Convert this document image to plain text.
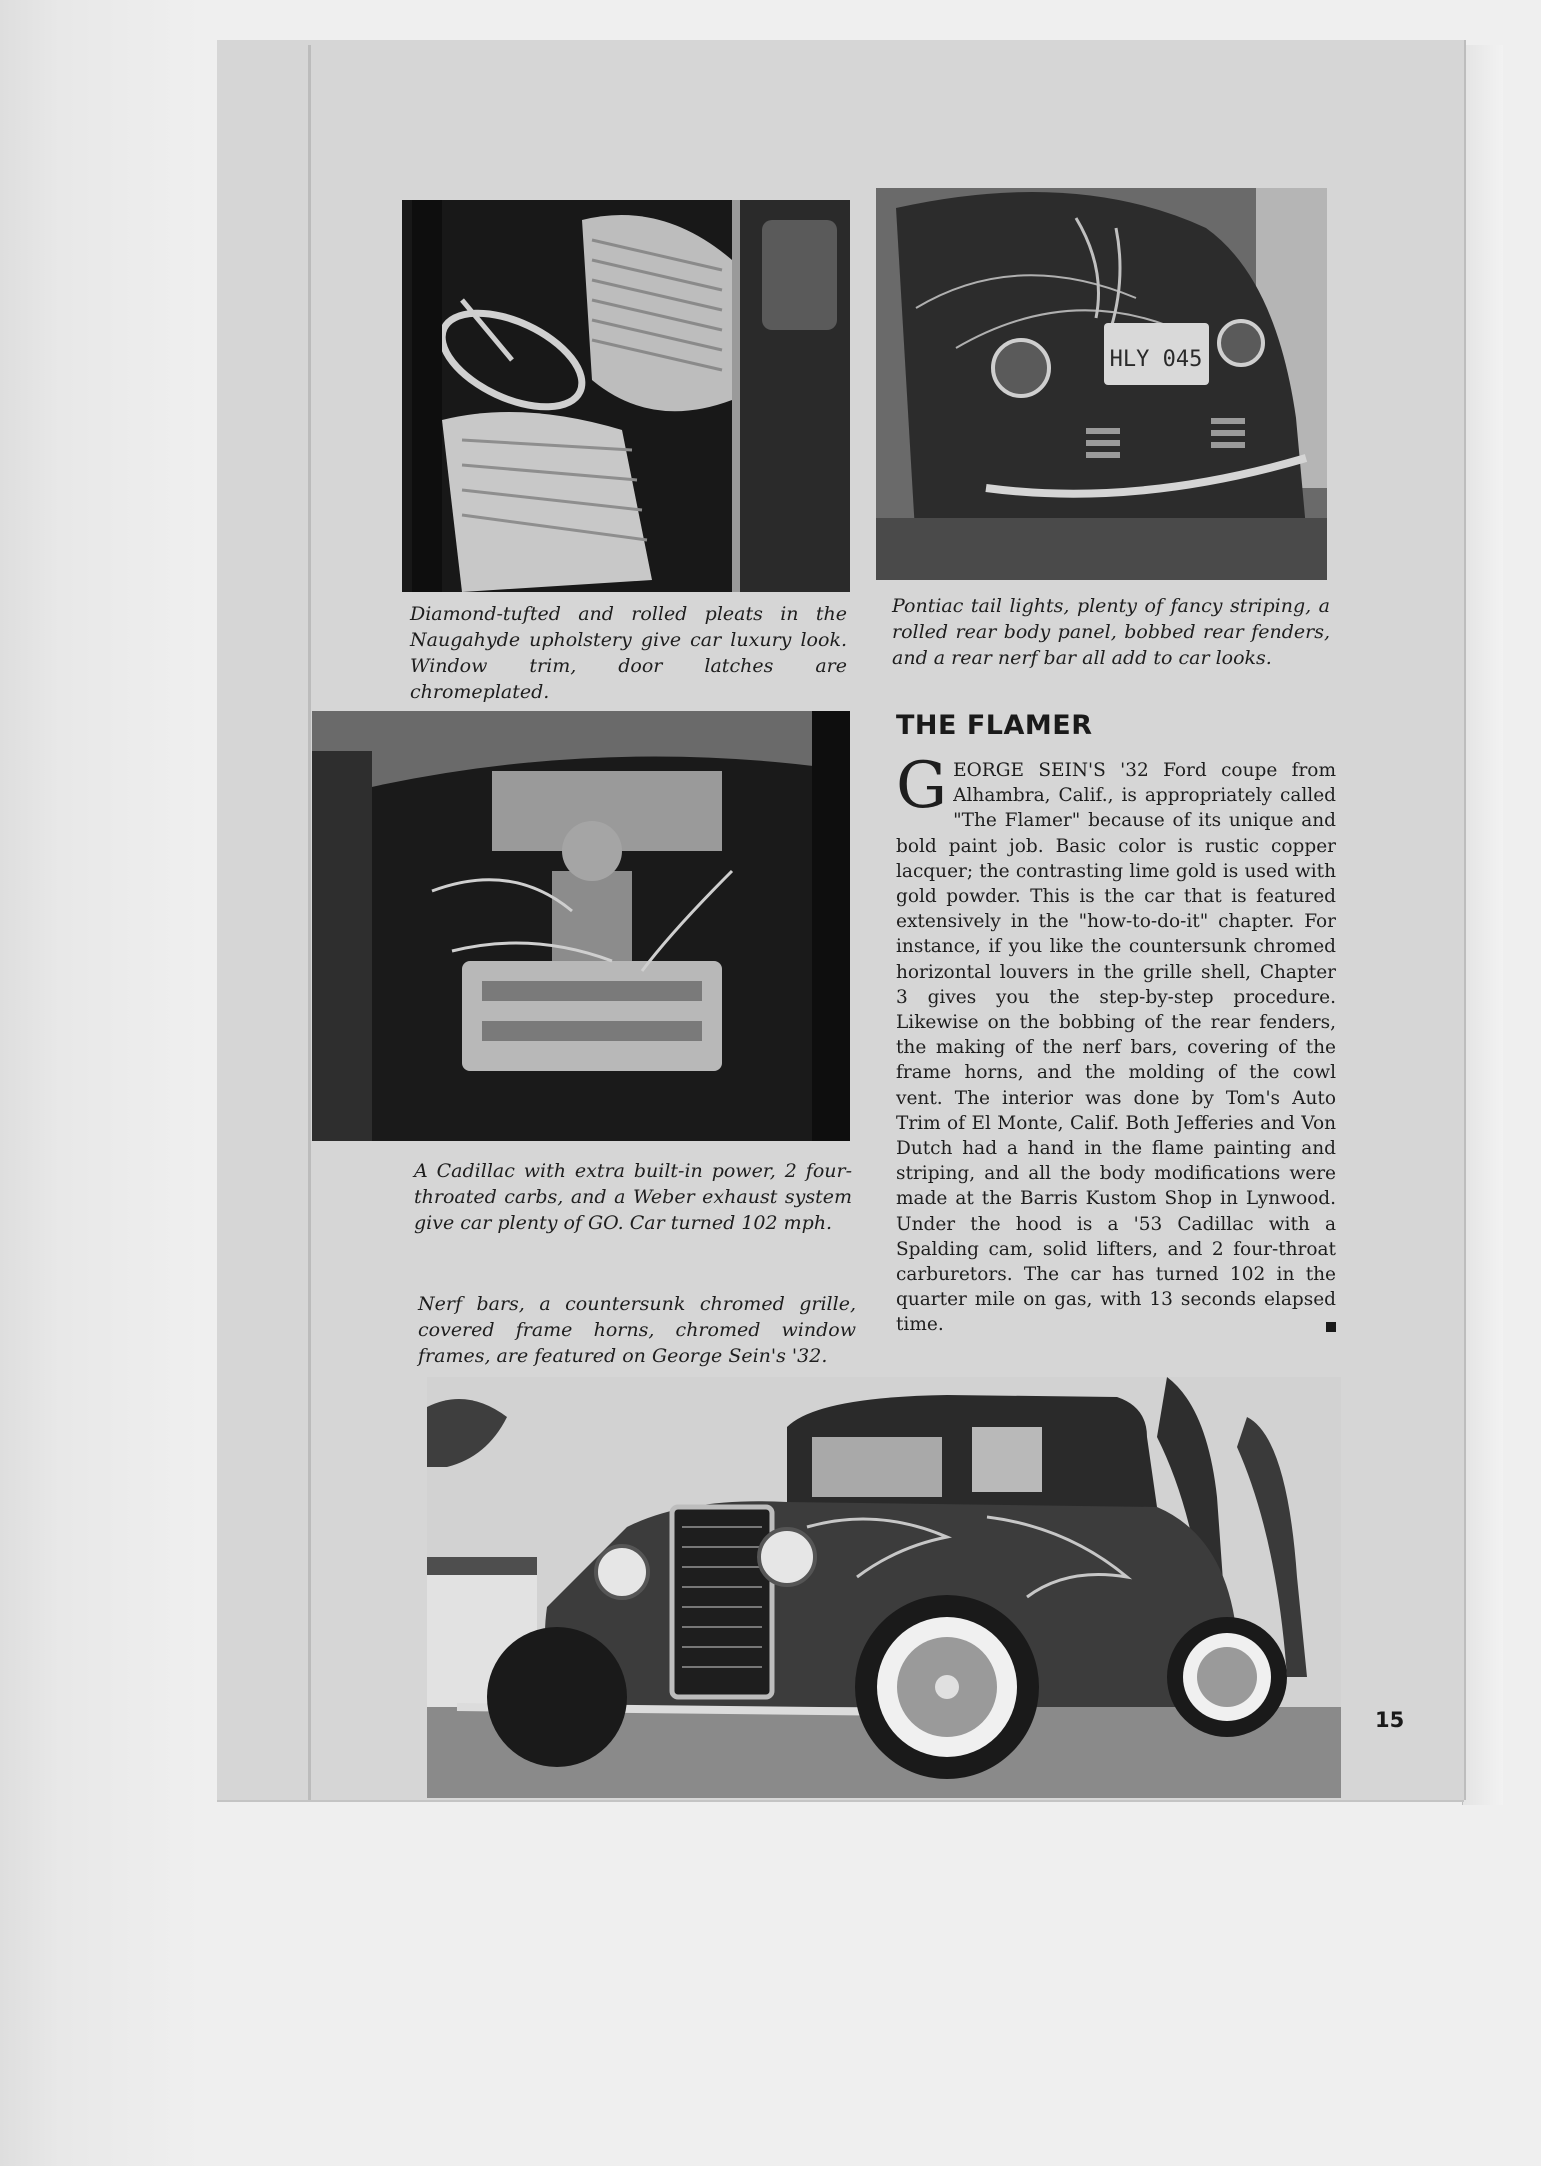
HLY 045

Diamond-tufted and rolled pleats in the Naugahyde upholstery give car luxury look. Window trim, door latches are chromeplated.

Pontiac tail lights, plenty of fancy striping, a rolled rear body panel, bobbed rear fenders, and a rear nerf bar all add to car looks.

A Cadillac with extra built-in power, 2 four-throated carbs, and a Weber exhaust system give car plenty of GO. Car turned 102 mph.

Nerf bars, a countersunk chromed grille, covered frame horns, chromed window frames, are featured on George Sein's '32.

THE FLAMER

GEORGE SEIN'S '32 Ford coupe from Alhambra, Calif., is appropriately called "The Flamer" because of its unique and bold paint job. Basic color is rustic copper lacquer; the contrasting lime gold is used with gold powder. This is the car that is featured extensively in the "how-to-do-it" chapter. For instance, if you like the countersunk chromed horizontal louvers in the grille shell, Chapter 3 gives you the step-by-step procedure. Likewise on the bobbing of the rear fenders, the making of the nerf bars, covering of the frame horns, and the molding of the cowl vent. The interior was done by Tom's Auto Trim of El Monte, Calif. Both Jefferies and Von Dutch had a hand in the flame painting and striping, and all the body modifications were made at the Barris Kustom Shop in Lynwood. Under the hood is a '53 Cadillac with a Spalding cam, solid lifters, and 2 four-throat carburetors. The car has turned 102 in the quarter mile on gas, with 13 seconds elapsed time.

15
